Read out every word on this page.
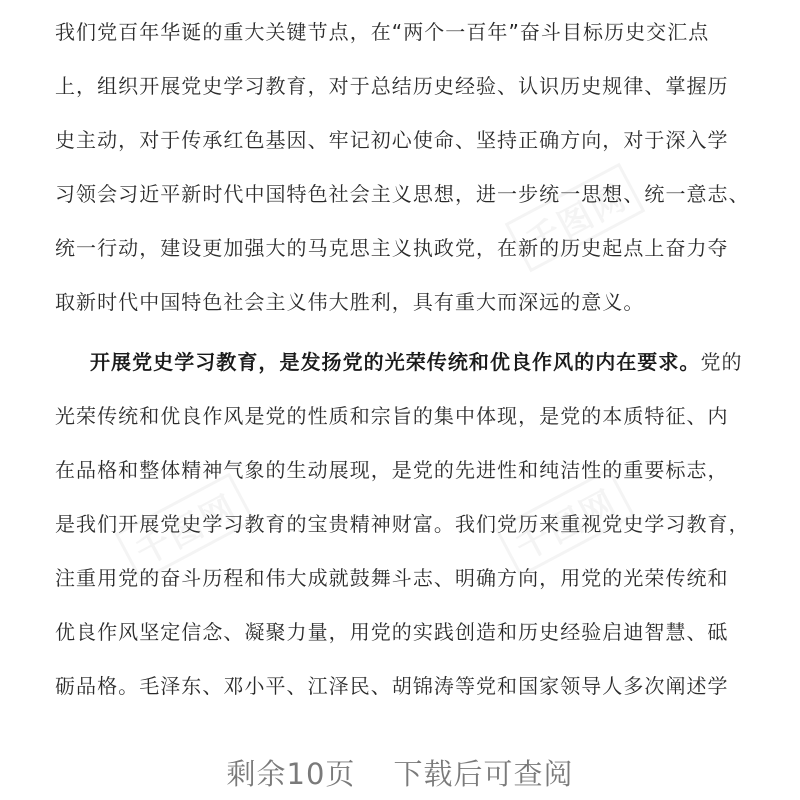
千图网	千图网
千图网
我们党百年华诞的重大关键节点，在“两个一百年”奋斗目标历史交汇点
上，组织开展党史学习教育，对于总结历史经验、认识历史规律、掌握历
史主动，对于传承红色基因、牢记初心使命、坚持正确方向，对于深入学
习领会习近平新时代中国特色社会主义思想，进一步统一思想、统一意志、
统一行动，建设更加强大的马克思主义执政党，在新的历史起点上奋力夺
取新时代中国特色社会主义伟大胜利，具有重大而深远的意义。
开展党史学习教育，是发扬党的光荣传统和优良作风的内在要求。党的
光荣传统和优良作风是党的性质和宗旨的集中体现，是党的本质特征、内
在品格和整体精神气象的生动展现，是党的先进性和纯洁性的重要标志，
是我们开展党史学习教育的宝贵精神财富。我们党历来重视党史学习教育，
注重用党的奋斗历程和伟大成就鼓舞斗志、明确方向，用党的光荣传统和
优良作风坚定信念、凝聚力量，用党的实践创造和历史经验启迪智慧、砥
砺品格。毛泽东、邓小平、江泽民、胡锦涛等党和国家领导人多次阐述学
剩余10页 下载后可查阅
